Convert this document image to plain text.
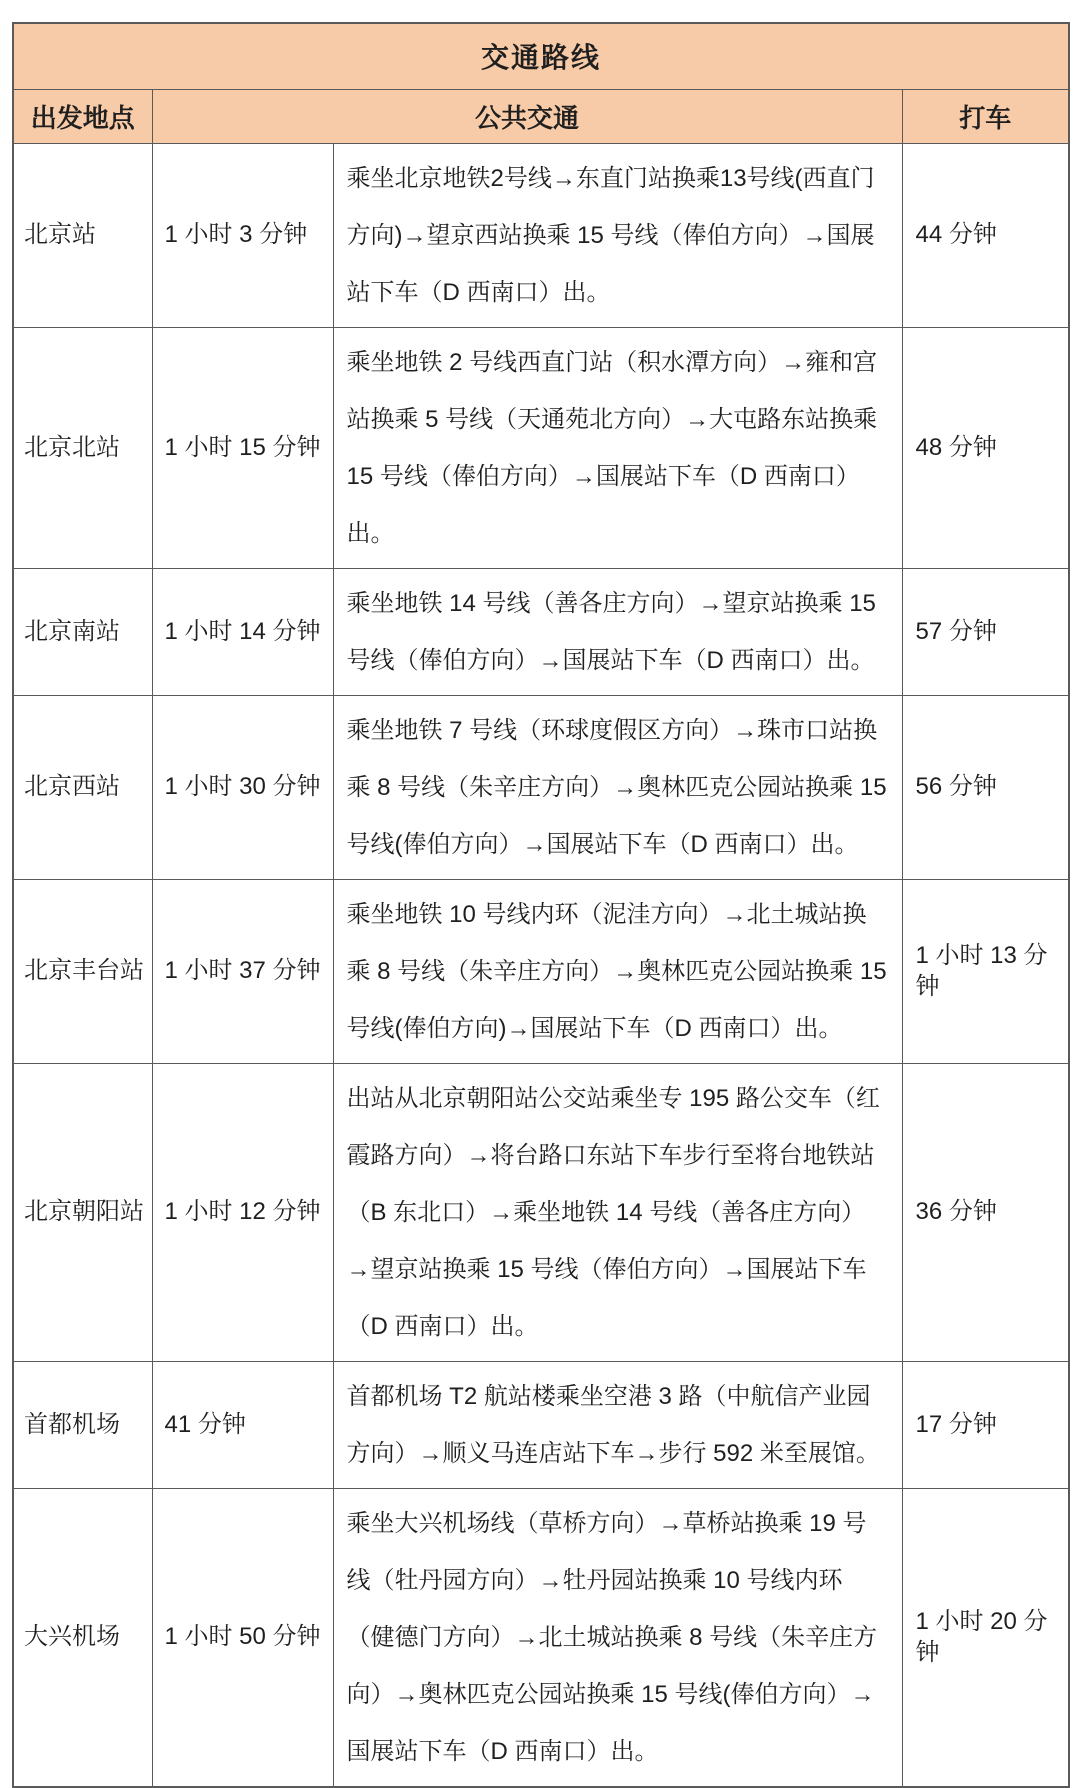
交通路线			
出发地点	公共交通		打车
北京站	1 小时 3 分钟	乘坐北京地铁2号线→东直门站换乘13号线(西直门方向)→望京西站换乘 15 号线（俸伯方向）→国展站下车（D 西南口）出。	44 分钟
北京北站	1 小时 15 分钟	乘坐地铁 2 号线西直门站（积水潭方向）→雍和宫站换乘 5 号线（天通苑北方向）→大屯路东站换乘 15 号线（俸伯方向）→国展站下车（D 西南口）出。	48 分钟
北京南站	1 小时 14 分钟	乘坐地铁 14 号线（善各庄方向）→望京站换乘 15 号线（俸伯方向）→国展站下车（D 西南口）出。	57 分钟
北京西站	1 小时 30 分钟	乘坐地铁 7 号线（环球度假区方向）→珠市口站换乘 8 号线（朱辛庄方向）→奥林匹克公园站换乘 15 号线(俸伯方向）→国展站下车（D 西南口）出。	56 分钟
北京丰台站	1 小时 37 分钟	乘坐地铁 10 号线内环（泥洼方向）→北土城站换乘 8 号线（朱辛庄方向）→奥林匹克公园站换乘 15 号线(俸伯方向)→国展站下车（D 西南口）出。	1 小时 13 分钟
北京朝阳站	1 小时 12 分钟	出站从北京朝阳站公交站乘坐专 195 路公交车（红霞路方向）→将台路口东站下车步行至将台地铁站（B 东北口）→乘坐地铁 14 号线（善各庄方向）→望京站换乘 15 号线（俸伯方向）→国展站下车（D 西南口）出。	36 分钟
首都机场	41 分钟	首都机场 T2 航站楼乘坐空港 3 路（中航信产业园方向）→顺义马连店站下车→步行 592 米至展馆。	17 分钟
大兴机场	1 小时 50 分钟	乘坐大兴机场线（草桥方向）→草桥站换乘 19 号线（牡丹园方向）→牡丹园站换乘 10 号线内环（健德门方向）→北土城站换乘 8 号线（朱辛庄方向）→奥林匹克公园站换乘 15 号线(俸伯方向）→国展站下车（D 西南口）出。	1 小时 20 分钟
